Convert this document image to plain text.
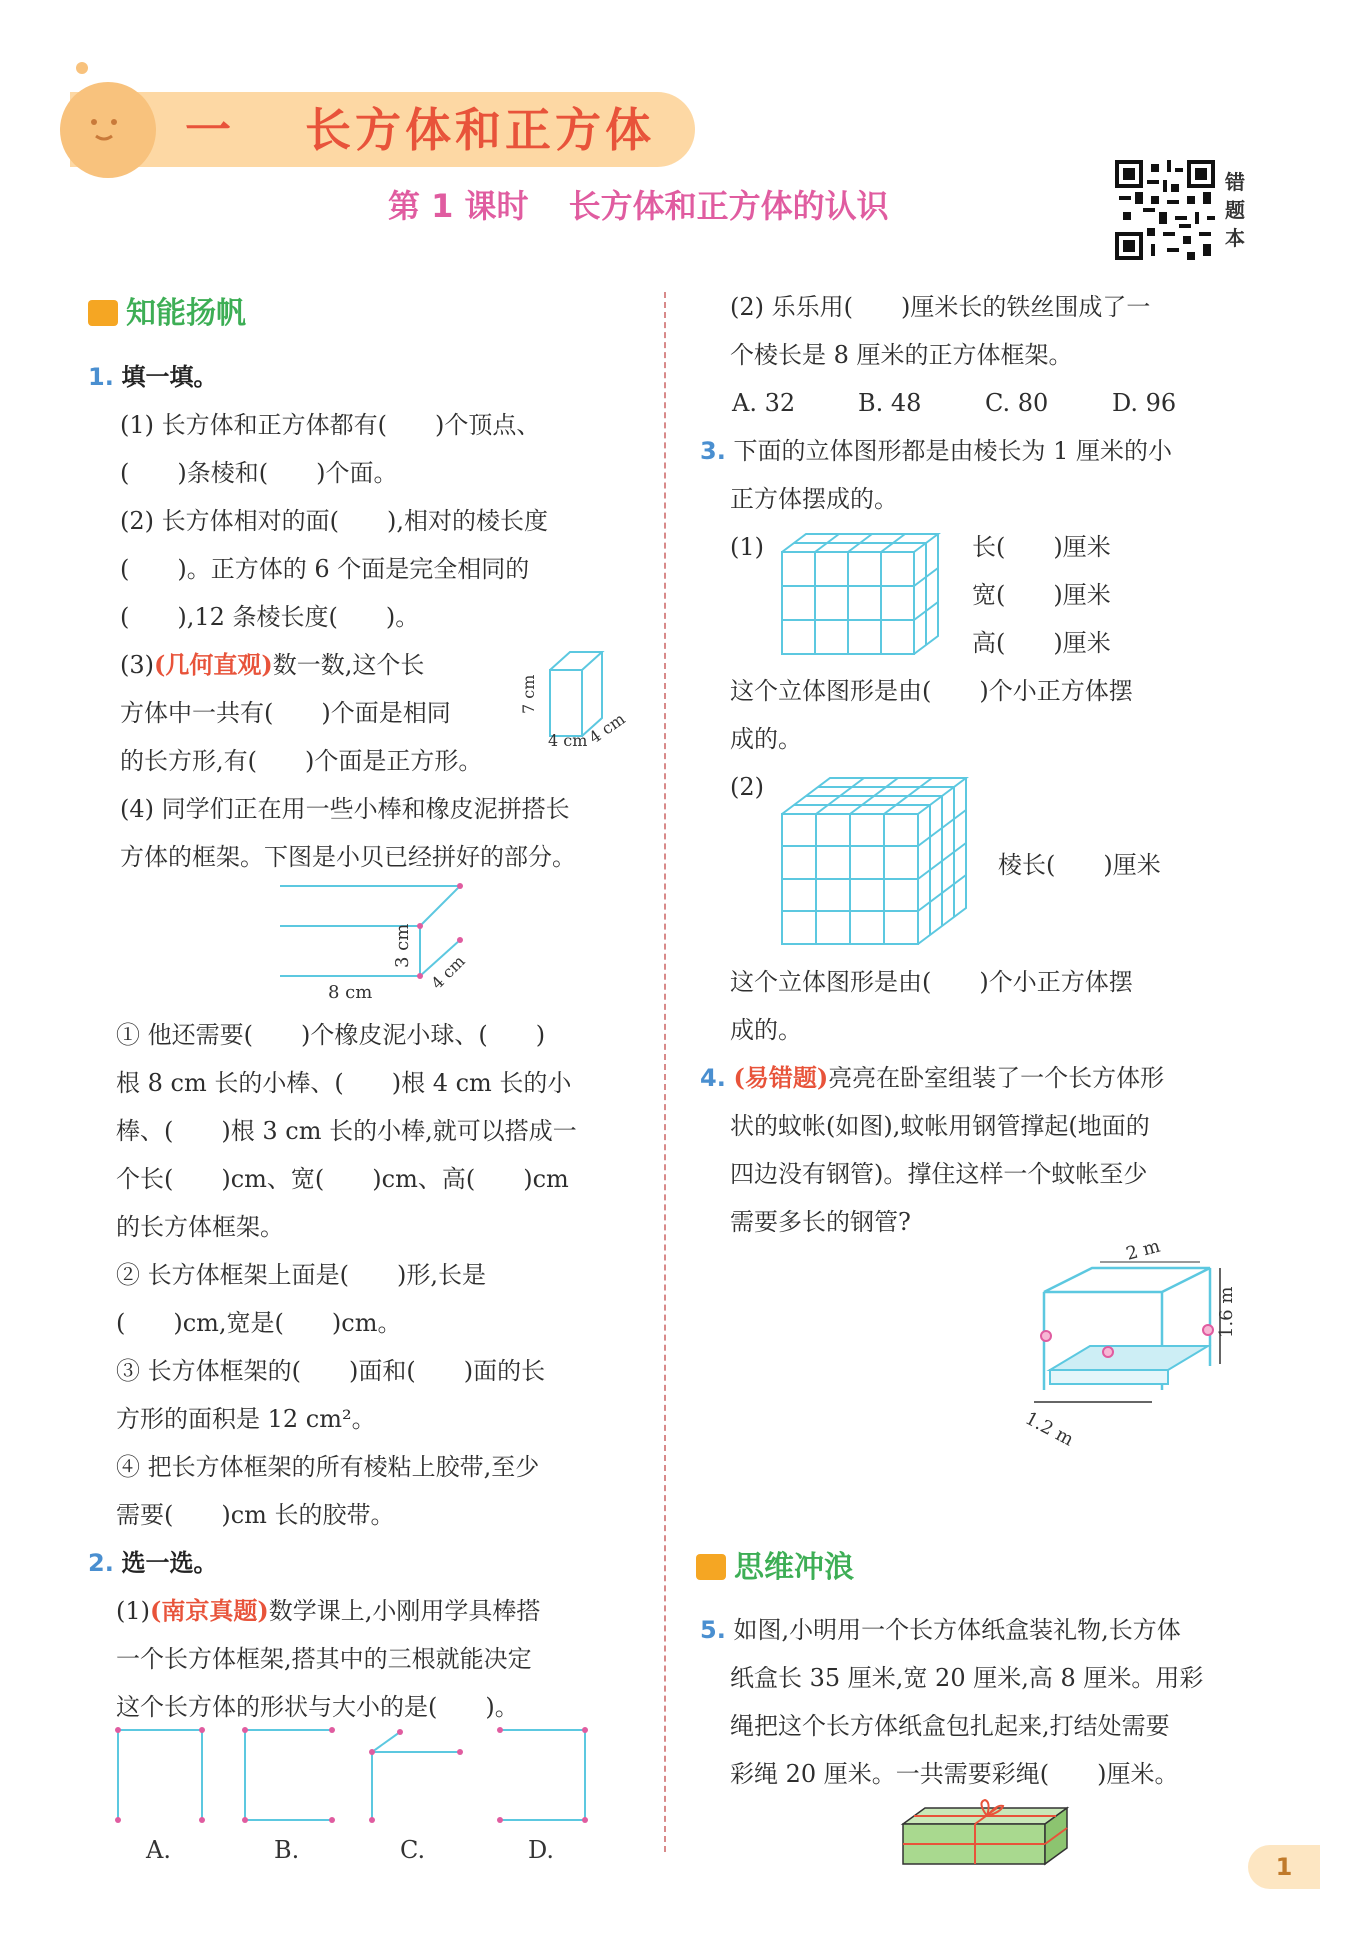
一 长方体和正方体
第 1 课时 长方体和正方体的认识
错
题
本
知能扬帆
1. 填一填。
(1) 长方体和正方体都有(　　)个顶点、
(　　)条棱和(　　)个面。
(2) 长方体相对的面(　　),相对的棱长度
(　　)。正方体的 6 个面是完全相同的
(　　),12 条棱长度(　　)。
(3)(几何直观)数一数,这个长
方体中一共有(　　)个面是相同
的长方形,有(　　)个面是正方形。
7 cm
4 cm
4 cm
(4) 同学们正在用一些小棒和橡皮泥拼搭长
方体的框架。下图是小贝已经拼好的部分。
8 cm
3 cm
4 cm
① 他还需要(　　)个橡皮泥小球、(　　)
根 8 cm 长的小棒、(　　)根 4 cm 长的小
棒、(　　)根 3 cm 长的小棒,就可以搭成一
个长(　　)cm、宽(　　)cm、高(　　)cm
的长方体框架。
② 长方体框架上面是(　　)形,长是
(　　)cm,宽是(　　)cm。
③ 长方体框架的(　　)面和(　　)面的长
方形的面积是 12 cm²。
④ 把长方体框架的所有棱粘上胶带,至少
需要(　　)cm 长的胶带。
2. 选一选。
(1)(南京真题)数学课上,小刚用学具棒搭
一个长方体框架,搭其中的三根就能决定
这个长方体的形状与大小的是(　　)。
A.	B.	C.	D.
(2) 乐乐用(　　)厘米长的铁丝围成了一
个棱长是 8 厘米的正方体框架。
A. 32	B. 48	C. 80	D. 96
3. 下面的立体图形都是由棱长为 1 厘米的小
正方体摆成的。
(1)	长(　　)厘米
宽(　　)厘米
高(　　)厘米
这个立体图形是由(　　)个小正方体摆
成的。
(2)
棱长(　　)厘米
这个立体图形是由(　　)个小正方体摆
成的。
4. (易错题)亮亮在卧室组装了一个长方体形
状的蚊帐(如图),蚊帐用钢管撑起(地面的
四边没有钢管)。撑住这样一个蚊帐至少
需要多长的钢管?
2 m
1.6 m
1.2 m
思维冲浪
5. 如图,小明用一个长方体纸盒装礼物,长方体
纸盒长 35 厘米,宽 20 厘米,高 8 厘米。用彩
绳把这个长方体纸盒包扎起来,打结处需要
彩绳 20 厘米。一共需要彩绳(　　)厘米。
1
